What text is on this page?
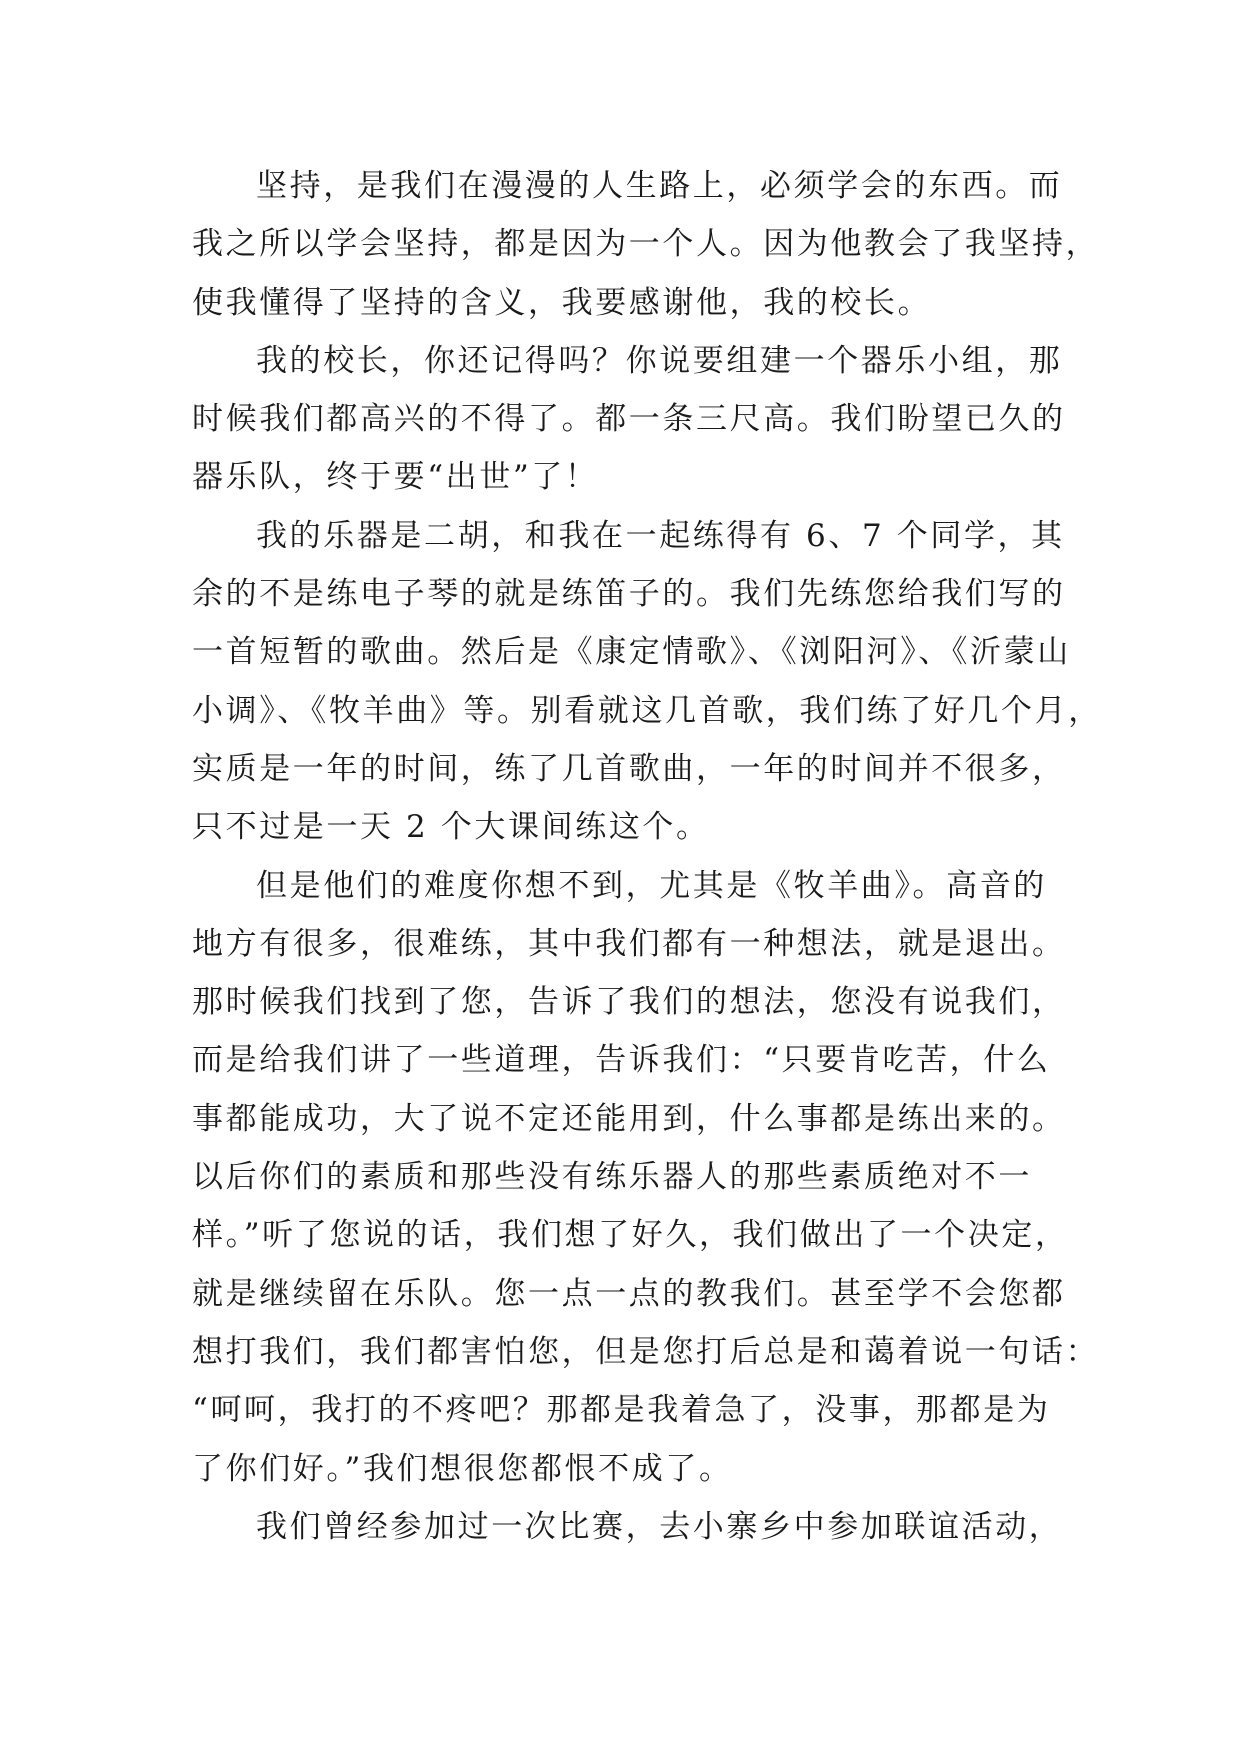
坚持，是我们在漫漫的人生路上，必须学会的东西。而
我之所以学会坚持，都是因为一个人。因为他教会了我坚持，
使我懂得了坚持的含义，我要感谢他，我的校长。
我的校长，你还记得吗？你说要组建一个器乐小组，那
时候我们都高兴的不得了。都一条三尺高。我们盼望已久的
器乐队，终于要“出世”了！
我的乐器是二胡，和我在一起练得有 6、7 个同学，其
余的不是练电子琴的就是练笛子的。我们先练您给我们写的
一首短暂的歌曲。然后是《康定情歌》、《浏阳河》、《沂蒙山
小调》、《牧羊曲》等。别看就这几首歌，我们练了好几个月，
实质是一年的时间，练了几首歌曲，一年的时间并不很多，
只不过是一天 2 个大课间练这个。
但是他们的难度你想不到，尤其是《牧羊曲》。高音的
地方有很多，很难练，其中我们都有一种想法，就是退出。
那时候我们找到了您，告诉了我们的想法，您没有说我们，
而是给我们讲了一些道理，告诉我们：“只要肯吃苦，什么
事都能成功，大了说不定还能用到，什么事都是练出来的。
以后你们的素质和那些没有练乐器人的那些素质绝对不一
样。”听了您说的话，我们想了好久，我们做出了一个决定，
就是继续留在乐队。您一点一点的教我们。甚至学不会您都
想打我们，我们都害怕您，但是您打后总是和蔼着说一句话：
“呵呵，我打的不疼吧？那都是我着急了，没事，那都是为
了你们好。”我们想很您都恨不成了。
我们曾经参加过一次比赛，去小寨乡中参加联谊活动，
